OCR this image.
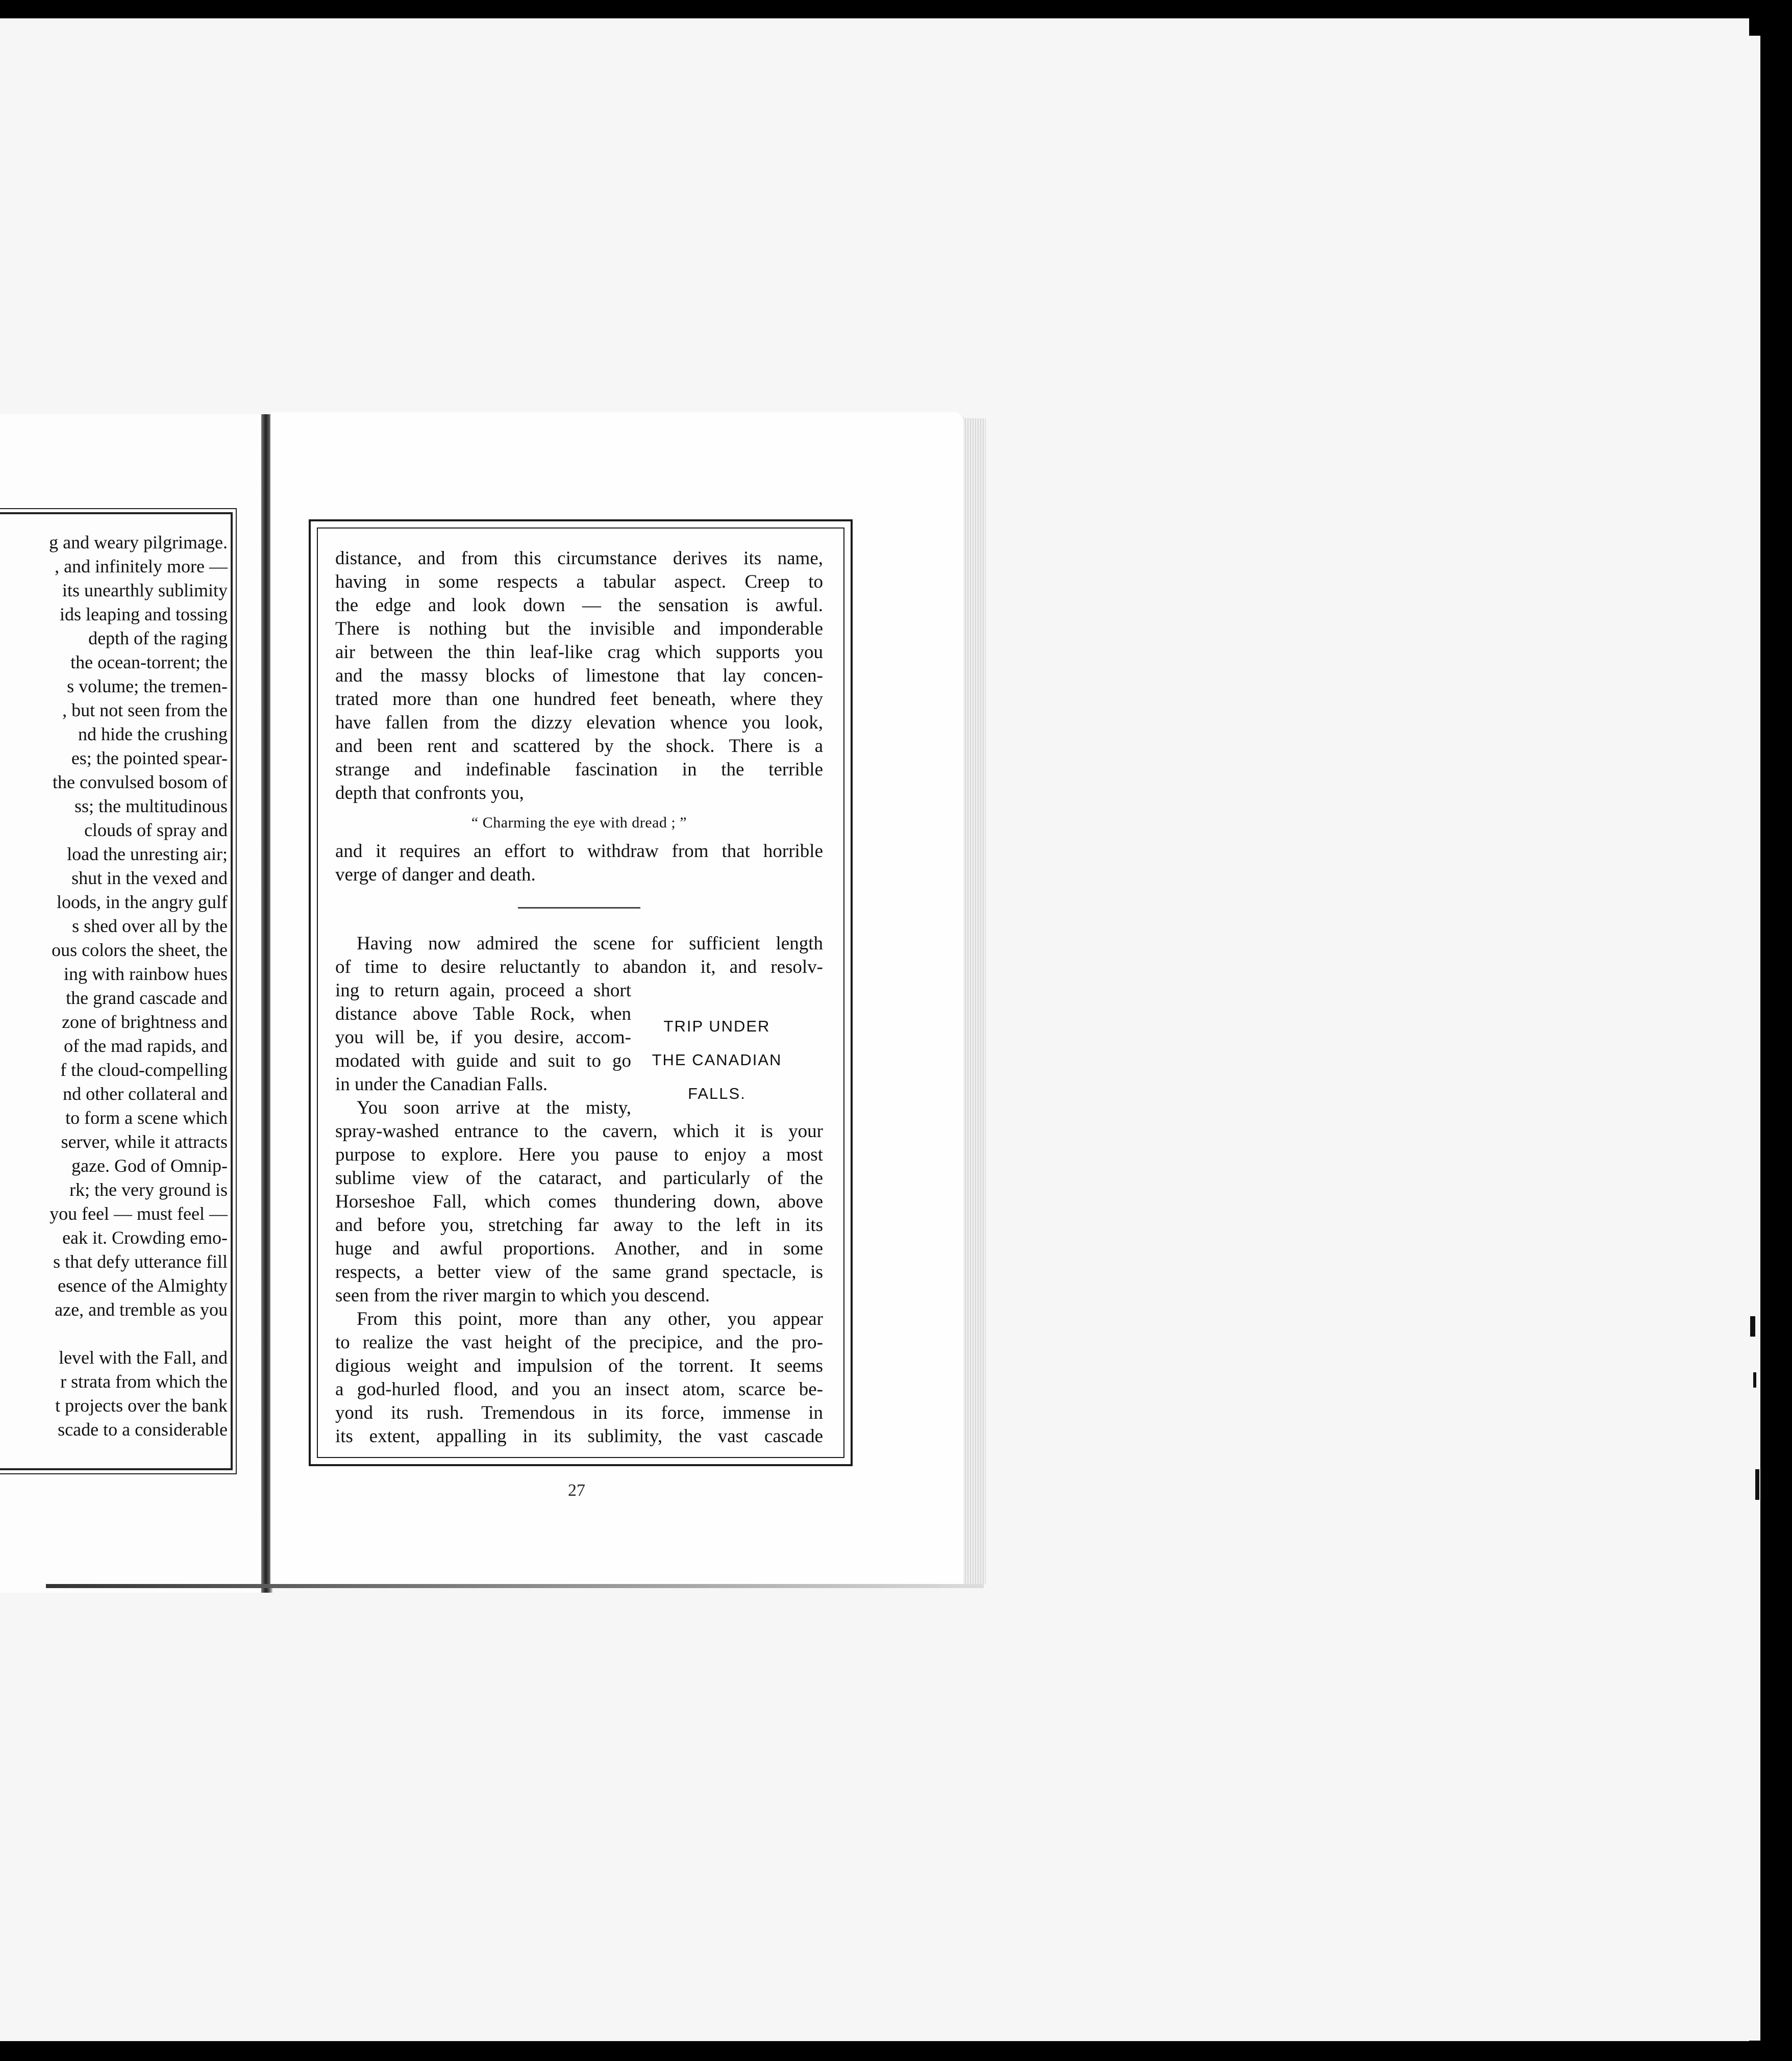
g and weary pilgrimage.
, and infinitely more —
its unearthly sublimity
ids leaping and tossing
depth of the raging
the ocean-torrent; the
s volume; the tremen-
, but not seen from the
nd hide the crushing
es; the pointed spear-
the convulsed bosom of
ss; the multitudinous
clouds of spray and
load the unresting air;
shut in the vexed and
loods, in the angry gulf
s shed over all by the
ous colors the sheet, the
ing with rainbow hues
the grand cascade and
zone of brightness and
of the mad rapids, and
f the cloud-compelling
nd other collateral and
to form a scene which
server, while it attracts
gaze. God of Omnip-
rk; the very ground is
you feel — must feel —
eak it. Crowding emo-
s that defy utterance fill
esence of the Almighty
aze, and tremble as you
level with the Fall, and
r strata from which the
t projects over the bank
scade to a considerable
distance, and from this circumstance derives its name,
having in some respects a tabular aspect. Creep to
the edge and look down — the sensation is awful.
There is nothing but the invisible and imponderable
air between the thin leaf-like crag which supports you
and the massy blocks of limestone that lay concen-
trated more than one hundred feet beneath, where they
have fallen from the dizzy elevation whence you look,
and been rent and scattered by the shock. There is a
strange and indefinable fascination in the terrible
depth that confronts you,
“ Charming the eye with dread ; ”
and it requires an effort to withdraw from that horrible
verge of danger and death.
Having now admired the scene for sufficient length
of time to desire reluctantly to abandon it, and resolv-
ing to return again, proceed a short
distance above Table Rock, when
you will be, if you desire, accom-
modated with guide and suit to go
in under the Canadian Falls.
You soon arrive at the misty,
TRIP UNDER
THE CANADIAN
FALLS.
spray-washed entrance to the cavern, which it is your
purpose to explore. Here you pause to enjoy a most
sublime view of the cataract, and particularly of the
Horseshoe Fall, which comes thundering down, above
and before you, stretching far away to the left in its
huge and awful proportions. Another, and in some
respects, a better view of the same grand spectacle, is
seen from the river margin to which you descend.
From this point, more than any other, you appear
to realize the vast height of the precipice, and the pro-
digious weight and impulsion of the torrent. It seems
a god-hurled flood, and you an insect atom, scarce be-
yond its rush. Tremendous in its force, immense in
its extent, appalling in its sublimity, the vast cascade
27
